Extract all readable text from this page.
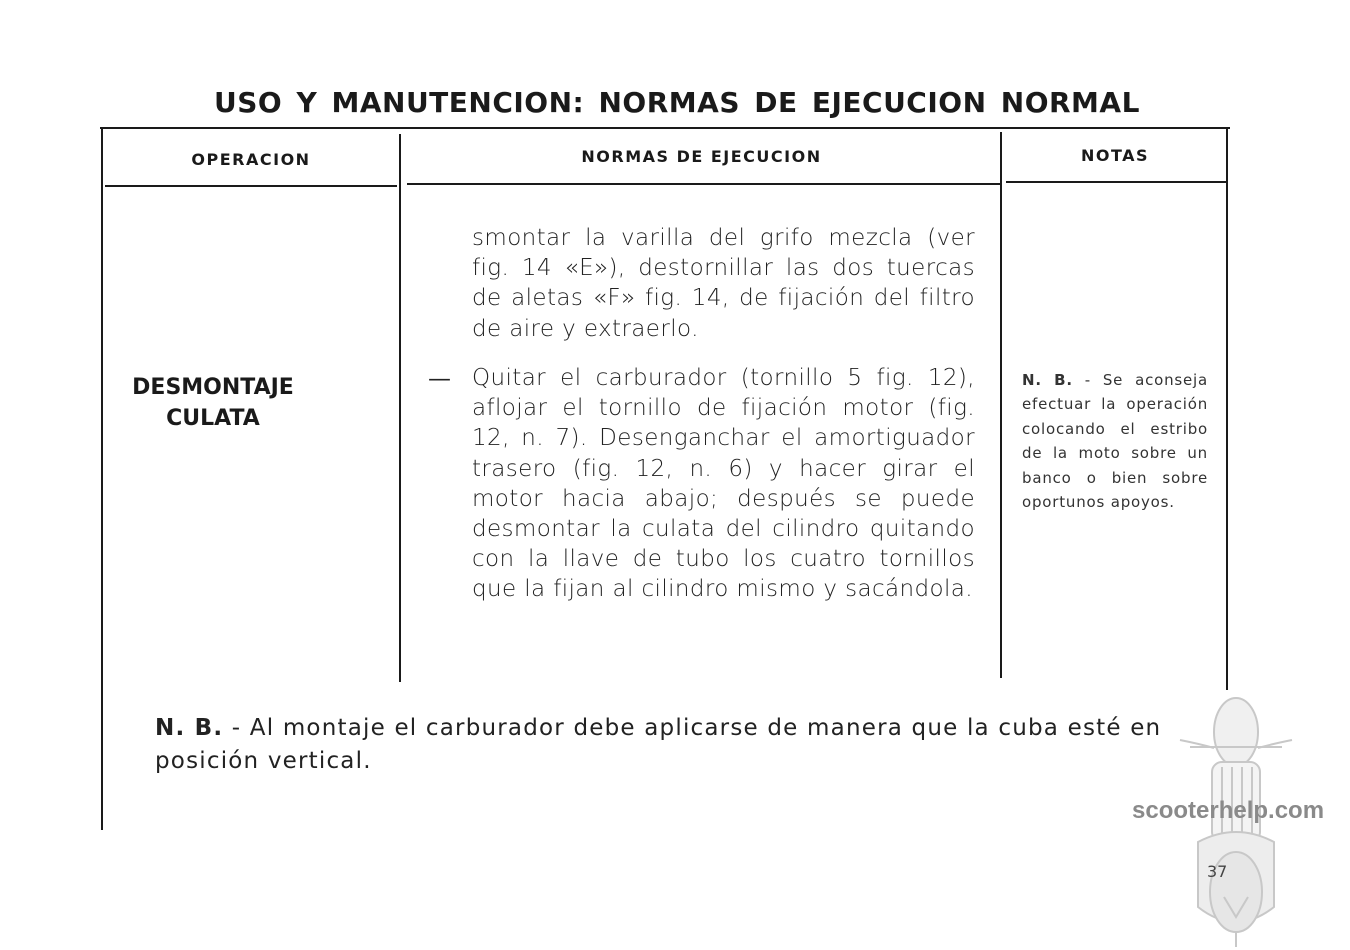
USO Y MANUTENCION: NORMAS DE EJECUCION NORMAL
OPERACION	NORMAS DE EJECUCION	NOTAS
DESMONTAJE
CULATA
smontar la varilla del grifo mezcla (ver fig. 14 «E»), destornillar las dos tuercas de aletas «F» fig. 14, de fijación del filtro de aire y extraerlo.
— Quitar el carburador (tornillo 5 fig. 12), aflojar el tornillo de fijación motor (fig. 12, n. 7). Desenganchar el amortiguador trasero (fig. 12, n. 6) y hacer girar el motor hacia abajo; después se puede desmontar la culata del cilindro quitando con la llave de tubo los cuatro tornillos que la fijan al cilindro mismo y sacándola.
N. B. - Se aconseja efectuar la operación colocando el estribo de la moto sobre un banco o bien sobre oportunos apoyos.
N. B. - Al montaje el carburador debe aplicarse de manera que la cuba esté en posición vertical.
scooterhelp.com
37
